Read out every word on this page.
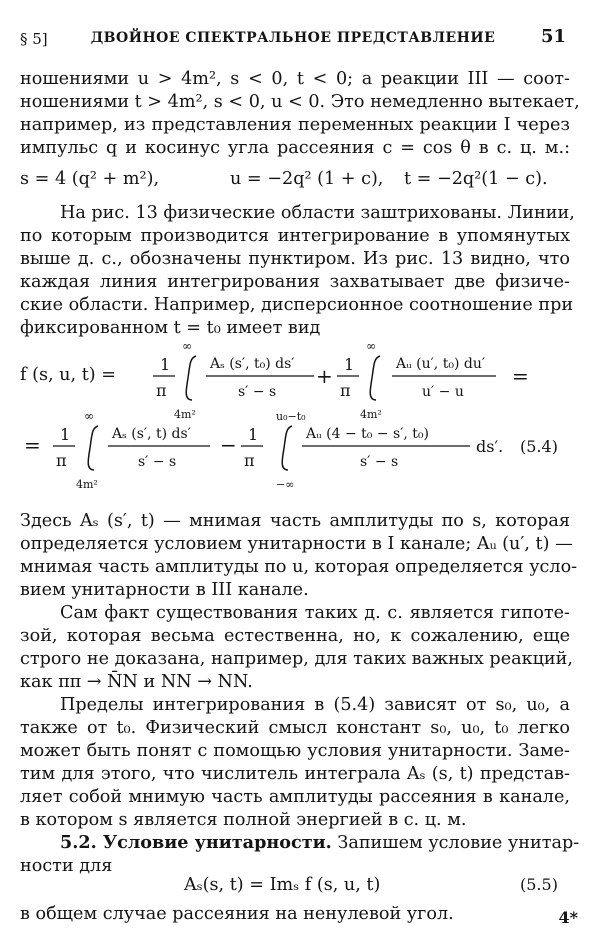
§ 5]	ДВОЙНОЕ СПЕКТРАЛЬНОЕ ПРЕДСТАВЛЕНИЕ	51
ношениями u > 4m², s < 0, t < 0; а реакции III — соот-
ношениями t > 4m², s < 0, u < 0. Это немедленно вытекает,
например, из представления переменных реакции I через
импульс q и косинус угла рассеяния c = cos θ в с. ц. м.:
s = 4 (q² + m²),	u = −2q² (1 + c), t = −2q²(1 − c).
На рис. 13 физические области заштрихованы. Линии,
по которым производится интегрирование в упомянутых
выше д. с., обозначены пунктиром. Из рис. 13 видно, что
каждая линия интегрирования захватывает две физиче-
ские области. Например, дисперсионное соотношение при
фиксированном t = t₀ имеет вид
f (s, u, t) =
1
π
∞
4m²
Aₛ (s′, t₀) ds′
s′ − s
+ 1
π
∞
4m²
Aᵤ (u′, t₀) du′
u′ − u
=
= 1
π
∞
4m²
Aₛ (s′, t) ds′
s′ − s
− 1
π
u₀−t₀
−∞
Aᵤ (4 − t₀ − s′, t₀)
s′ − s
ds′. (5.4)
Здесь Aₛ (s′, t) — мнимая часть амплитуды по s, которая
определяется условием унитарности в I канале; Aᵤ (u′, t) —
мнимая часть амплитуды по u, которая определяется усло-
вием унитарности в III канале.
Сам факт существования таких д. с. является гипоте-
зой, которая весьма естественна, но, к сожалению, еще
строго не доказана, например, для таких важных реакций,
как ππ → N̄N и NN → NN.
Пределы интегрирования в (5.4) зависят от s₀, u₀, а
также от t₀. Физический смысл констант s₀, u₀, t₀ легко
может быть понят с помощью условия унитарности. Заме-
тим для этого, что числитель интеграла Aₛ (s, t) представ-
ляет собой мнимую часть амплитуды рассеяния в канале,
в котором s является полной энергией в с. ц. м.
5.2. Условие унитарности. Запишем условие унитар-
ности для
Aₛ(s, t) = Imₛ f (s, u, t)	(5.5)
в общем случае рассеяния на ненулевой угол.	4*
